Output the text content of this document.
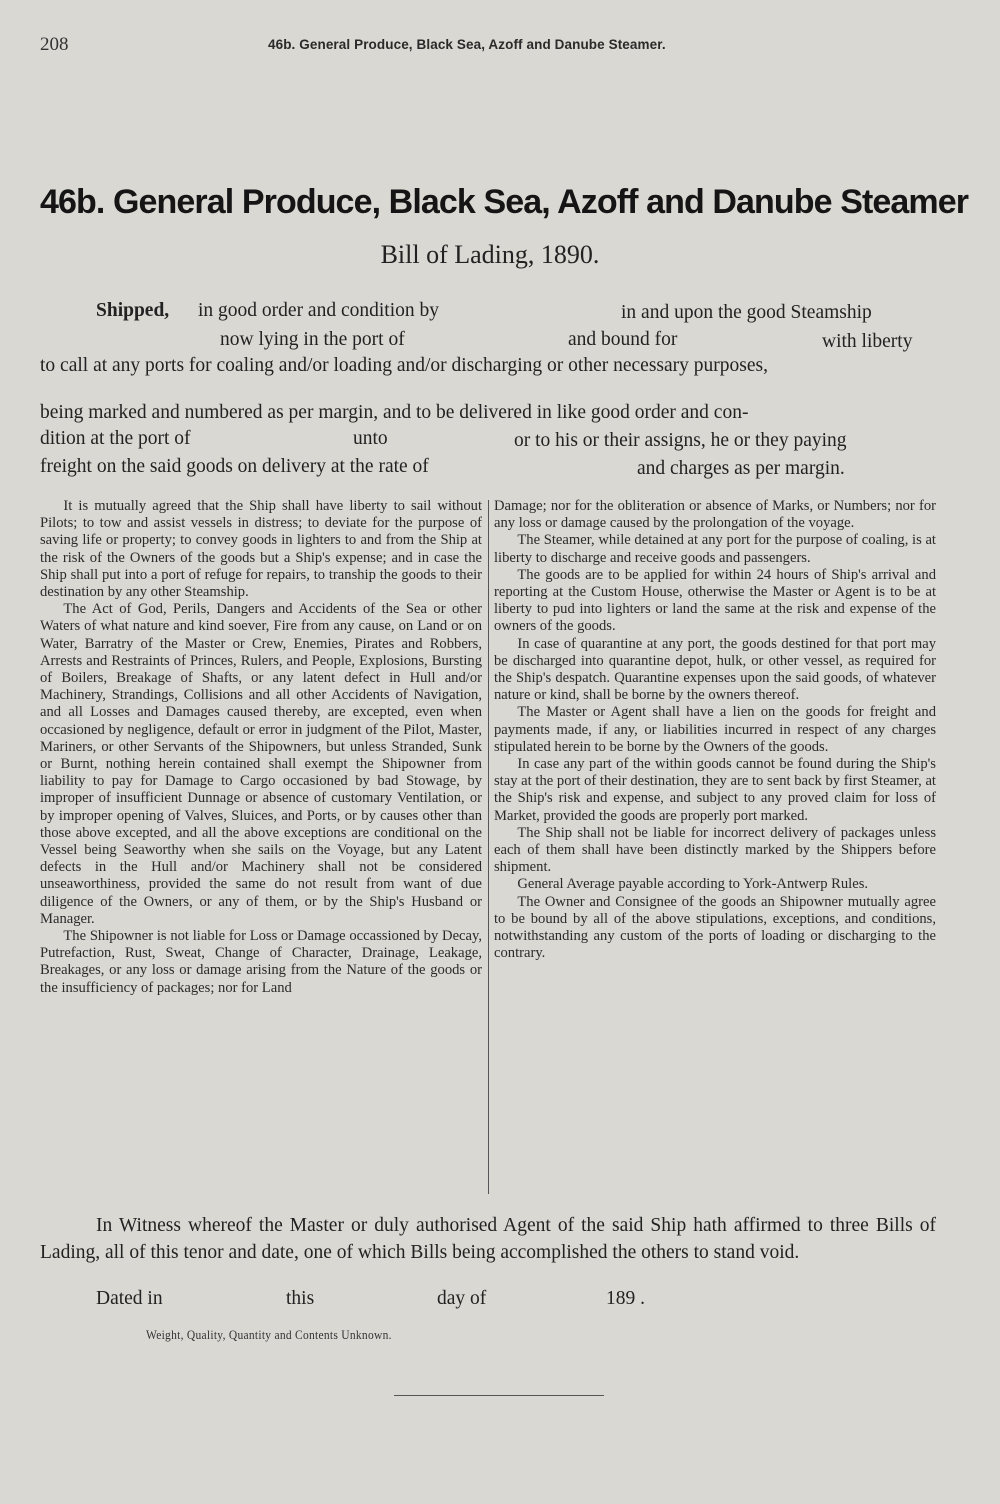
208	46b. General Produce, Black Sea, Azoff and Danube Steamer.
46b. General Produce, Black Sea, Azoff and Danube Steamer
Bill of Lading, 1890.
Shipped, in good order and condition by	in and upon the good Steamship
now lying in the port of	and bound for	with liberty
to call at any ports for coaling and/or loading and/or discharging or other necessary purposes,
being marked and numbered as per margin, and to be delivered in like good order and con-
dition at the port of	unto	or to his or their assigns, he or they paying
freight on the said goods on delivery at the rate of	and charges as per margin.

It is mutually agreed that the Ship shall have liberty to sail without Pilots; to tow and assist vessels in distress; to deviate for the purpose of saving life or property; to convey goods in lighters to and from the Ship at the risk of the Owners of the goods but a Ship's expense; and in case the Ship shall put into a port of refuge for repairs, to tranship the goods to their destination by any other Steamship.

The Act of God, Perils, Dangers and Accidents of the Sea or other Waters of what nature and kind soever, Fire from any cause, on Land or on Water, Barratry of the Master or Crew, Enemies, Pirates and Robbers, Arrests and Restraints of Princes, Rulers, and People, Explosions, Bursting of Boilers, Breakage of Shafts, or any latent defect in Hull and/or Machinery, Strandings, Collisions and all other Accidents of Navigation, and all Losses and Damages caused thereby, are excepted, even when occasioned by negligence, default or error in judgment of the Pilot, Master, Mariners, or other Servants of the Shipowners, but unless Stranded, Sunk or Burnt, nothing herein contained shall exempt the Shipowner from liability to pay for Damage to Cargo occasioned by bad Stowage, by improper of insufficient Dunnage or absence of customary Ventilation, or by improper opening of Valves, Sluices, and Ports, or by causes other than those above excepted, and all the above exceptions are conditional on the Vessel being Seaworthy when she sails on the Voyage, but any Latent defects in the Hull and/or Machinery shall not be considered unseaworthiness, provided the same do not result from want of due diligence of the Owners, or any of them, or by the Ship's Husband or Manager.

The Shipowner is not liable for Loss or Damage occassioned by Decay, Putrefaction, Rust, Sweat, Change of Character, Drainage, Leakage, Breakages, or any loss or damage arising from the Nature of the goods or the insufficiency of packages; nor for Land

Damage; nor for the obliteration or absence of Marks, or Numbers; nor for any loss or damage caused by the prolongation of the voyage.

The Steamer, while detained at any port for the purpose of coaling, is at liberty to discharge and receive goods and passengers.

The goods are to be applied for within 24 hours of Ship's arrival and reporting at the Custom House, otherwise the Master or Agent is to be at liberty to pud into lighters or land the same at the risk and expense of the owners of the goods.

In case of quarantine at any port, the goods destined for that port may be discharged into quarantine depot, hulk, or other vessel, as required for the Ship's despatch. Quarantine expenses upon the said goods, of whatever nature or kind, shall be borne by the owners thereof.

The Master or Agent shall have a lien on the goods for freight and payments made, if any, or liabilities incurred in respect of any charges stipulated herein to be borne by the Owners of the goods.

In case any part of the within goods cannot be found during the Ship's stay at the port of their destination, they are to sent back by first Steamer, at the Ship's risk and expense, and subject to any proved claim for loss of Market, provided the goods are properly port marked.

The Ship shall not be liable for incorrect delivery of packages unless each of them shall have been distinctly marked by the Shippers before shipment.

General Average payable according to York-Antwerp Rules.

The Owner and Consignee of the goods an Shipowner mutually agree to be bound by all of the above stipulations, exceptions, and conditions, notwithstanding any custom of the ports of loading or discharging to the contrary.

In Witness whereof the Master or duly authorised Agent of the said Ship hath affirmed to three Bills of Lading, all of this tenor and date, one of which Bills being accomplished the others to stand void.

Dated in	this	day of	189 .
Weight, Quality, Quantity and Contents Unknown.
